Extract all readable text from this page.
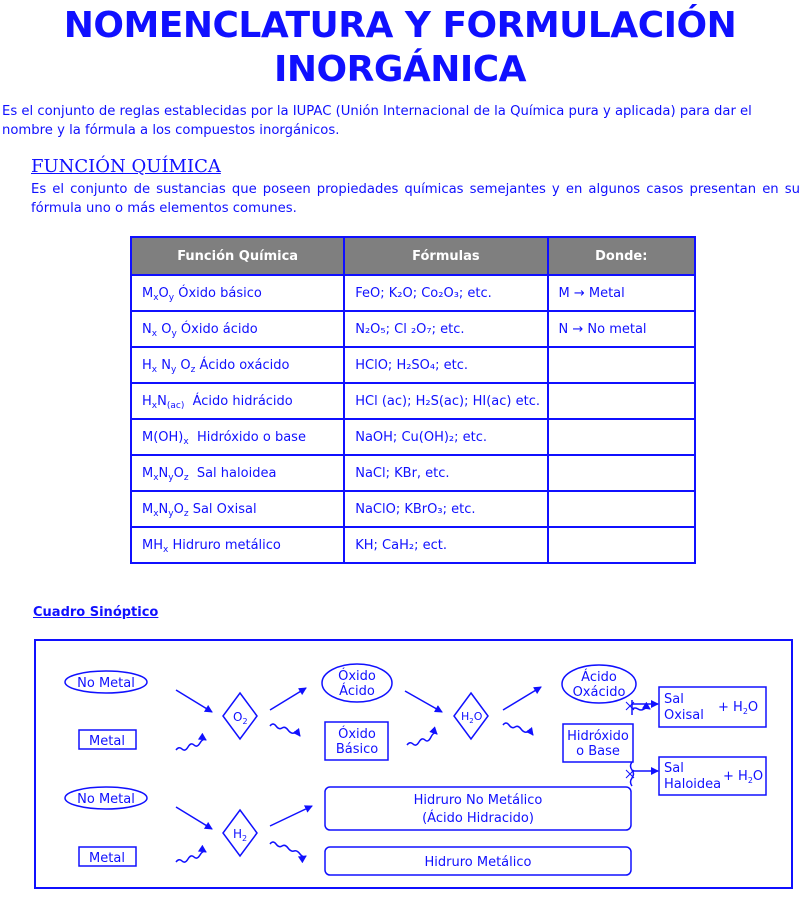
NOMENCLATURA Y FORMULACIÓN INORGÁNICA

Es el conjunto de reglas establecidas por la IUPAC (Unión Internacional de la Química pura y aplicada) para dar el nombre y la fórmula a los compuestos inorgánicos.

FUNCIÓN QUÍMICA

Es el conjunto de sustancias que poseen propiedades químicas semejantes y en algunos casos presentan en su fórmula uno o más elementos comunes.

Función Química	Fórmulas	Donde:
$M_xO_y$ Óxido básico	FeO; K₂O; Co₂O₃; etc.	M → Metal
$N_x$ $O_y$ Óxido ácido	N₂O₅; Cl ₂O₇; etc.	N → No metal
$H_x$ $N_y$ $O_z$ Ácido oxácido	HClO; H₂SO₄; etc.	
$H_xN_{(ac)}$ Ácido hidrácido	HCl (ac); H₂S(ac); HI(ac) etc.	
$M(OH)_x$ Hidróxido o base	NaOH; Cu(OH)₂; etc.	
$M_xN_yO_z$ Sal haloidea	NaCl; KBr, etc.	
$M_xN_yO_z$ Sal Oxisal	NaClO; KBrO₃; etc.	
$MH_x$ Hidruro metálico	KH; CaH₂; ect.	

Cuadro Sinóptico

No Metal
Metal
$O_2$
Óxido
Ácido
Óxido
Básico
$H_2O$
Ácido
Oxácido
Hidróxido
o Base
Sal
Oxisal
+ $H_2O$
Sal
Haloidea
+ $H_2O$
No Metal
Metal
$H_2$
Hidruro No Metálico
(Ácido Hidracido)
Hidruro Metálico
